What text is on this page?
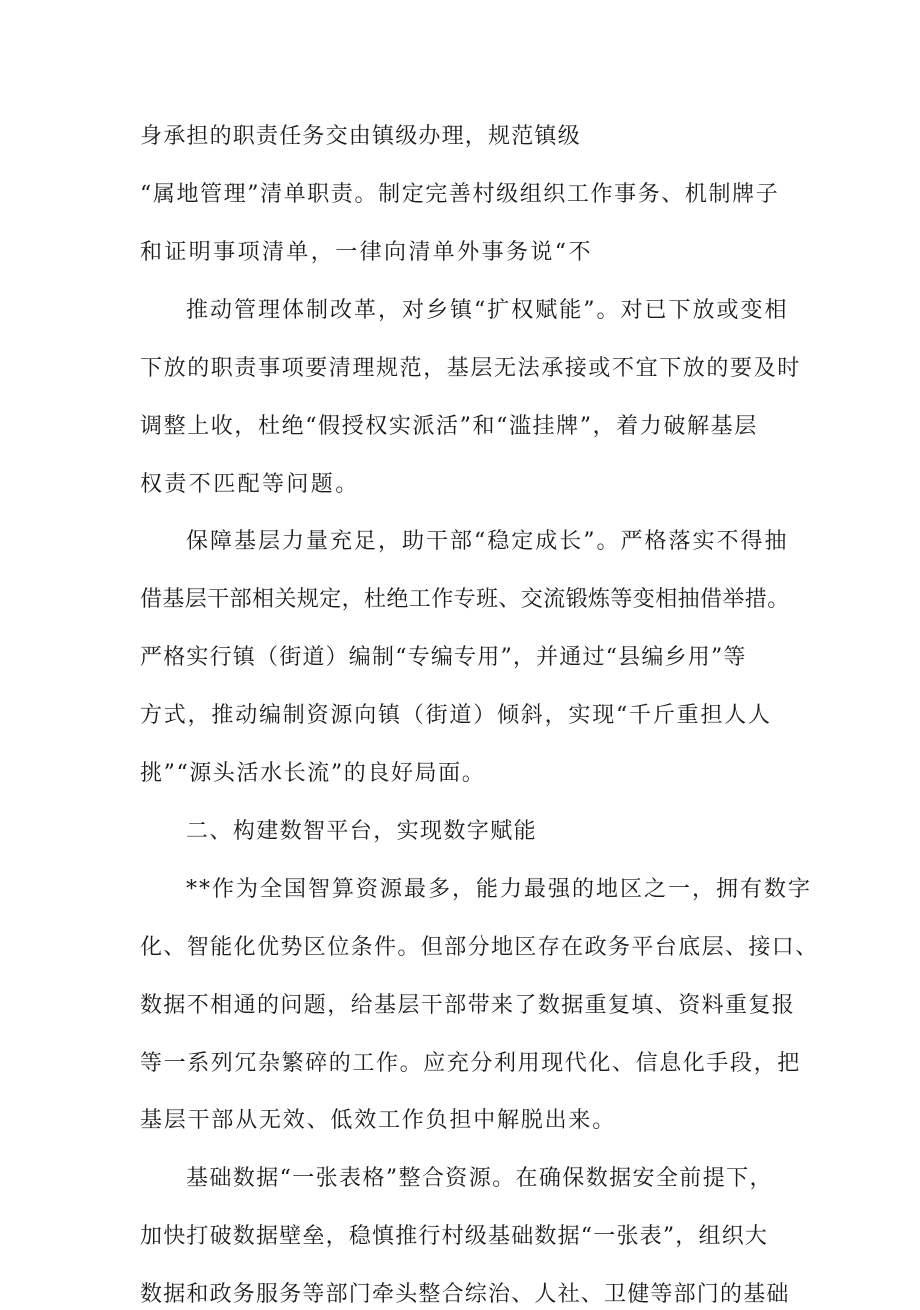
身承担的职责任务交由镇级办理，规范镇级
“属地管理”清单职责。制定完善村级组织工作事务、机制牌子
和证明事项清单，一律向清单外事务说“不
推动管理体制改革，对乡镇“扩权赋能”。对已下放或变相
下放的职责事项要清理规范，基层无法承接或不宜下放的要及时
调整上收，杜绝“假授权实派活”和“滥挂牌”，着力破解基层
权责不匹配等问题。
保障基层力量充足，助干部“稳定成长”。严格落实不得抽
借基层干部相关规定，杜绝工作专班、交流锻炼等变相抽借举措。
严格实行镇（街道）编制“专编专用”，并通过“县编乡用”等
方式，推动编制资源向镇（街道）倾斜，实现“千斤重担人人
挑”“源头活水长流”的良好局面。
二、构建数智平台，实现数字赋能
**作为全国智算资源最多，能力最强的地区之一，拥有数字
化、智能化优势区位条件。但部分地区存在政务平台底层、接口、
数据不相通的问题，给基层干部带来了数据重复填、资料重复报
等一系列冗杂繁碎的工作。应充分利用现代化、信息化手段，把
基层干部从无效、低效工作负担中解脱出来。
基础数据“一张表格”整合资源。在确保数据安全前提下，
加快打破数据壁垒，稳慎推行村级基础数据“一张表”，组织大
数据和政务服务等部门牵头整合综治、人社、卫健等部门的基础
